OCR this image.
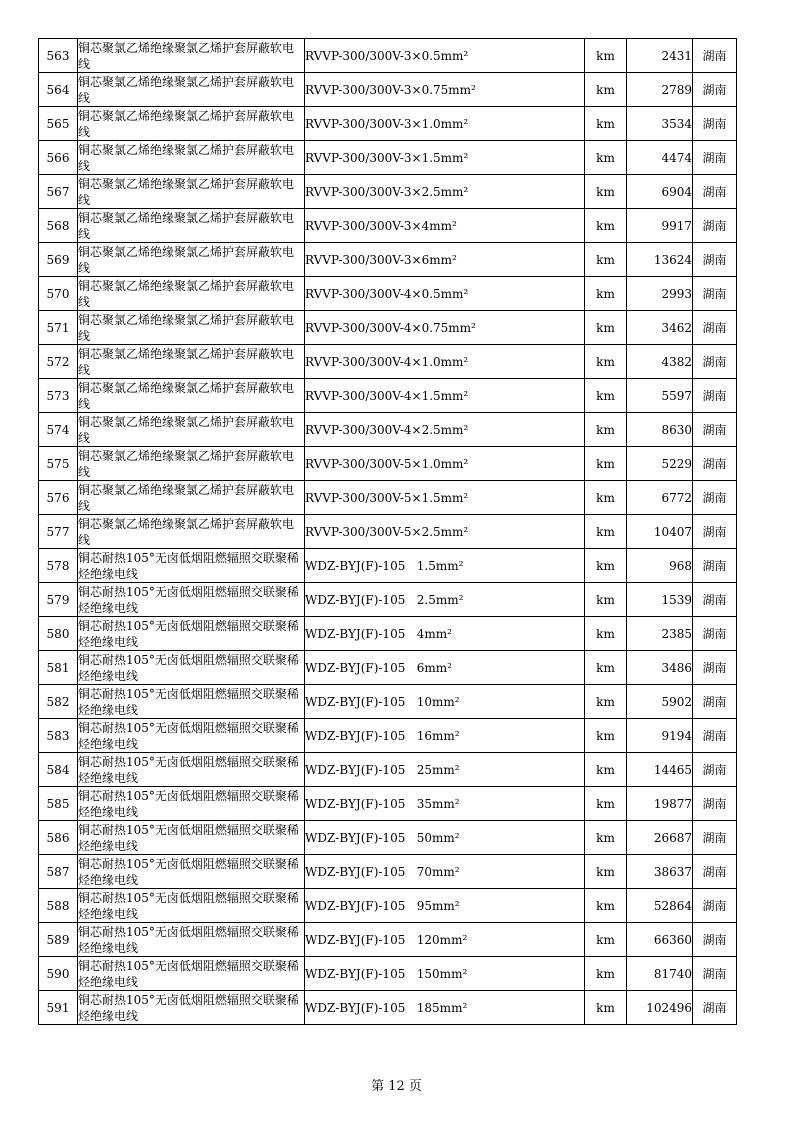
563	铜芯聚氯乙烯绝缘聚氯乙烯护套屏蔽软电线	RVVP-300/300V-3×0.5mm²	km	2431	湖南
564	铜芯聚氯乙烯绝缘聚氯乙烯护套屏蔽软电线	RVVP-300/300V-3×0.75mm²	km	2789	湖南
565	铜芯聚氯乙烯绝缘聚氯乙烯护套屏蔽软电线	RVVP-300/300V-3×1.0mm²	km	3534	湖南
566	铜芯聚氯乙烯绝缘聚氯乙烯护套屏蔽软电线	RVVP-300/300V-3×1.5mm²	km	4474	湖南
567	铜芯聚氯乙烯绝缘聚氯乙烯护套屏蔽软电线	RVVP-300/300V-3×2.5mm²	km	6904	湖南
568	铜芯聚氯乙烯绝缘聚氯乙烯护套屏蔽软电线	RVVP-300/300V-3×4mm²	km	9917	湖南
569	铜芯聚氯乙烯绝缘聚氯乙烯护套屏蔽软电线	RVVP-300/300V-3×6mm²	km	13624	湖南
570	铜芯聚氯乙烯绝缘聚氯乙烯护套屏蔽软电线	RVVP-300/300V-4×0.5mm²	km	2993	湖南
571	铜芯聚氯乙烯绝缘聚氯乙烯护套屏蔽软电线	RVVP-300/300V-4×0.75mm²	km	3462	湖南
572	铜芯聚氯乙烯绝缘聚氯乙烯护套屏蔽软电线	RVVP-300/300V-4×1.0mm²	km	4382	湖南
573	铜芯聚氯乙烯绝缘聚氯乙烯护套屏蔽软电线	RVVP-300/300V-4×1.5mm²	km	5597	湖南
574	铜芯聚氯乙烯绝缘聚氯乙烯护套屏蔽软电线	RVVP-300/300V-4×2.5mm²	km	8630	湖南
575	铜芯聚氯乙烯绝缘聚氯乙烯护套屏蔽软电线	RVVP-300/300V-5×1.0mm²	km	5229	湖南
576	铜芯聚氯乙烯绝缘聚氯乙烯护套屏蔽软电线	RVVP-300/300V-5×1.5mm²	km	6772	湖南
577	铜芯聚氯乙烯绝缘聚氯乙烯护套屏蔽软电线	RVVP-300/300V-5×2.5mm²	km	10407	湖南
578	铜芯耐热105°无卤低烟阻燃辐照交联聚稀烃绝缘电线	WDZ-BYJ(F)-105   1.5mm²	km	968	湖南
579	铜芯耐热105°无卤低烟阻燃辐照交联聚稀烃绝缘电线	WDZ-BYJ(F)-105   2.5mm²	km	1539	湖南
580	铜芯耐热105°无卤低烟阻燃辐照交联聚稀烃绝缘电线	WDZ-BYJ(F)-105   4mm²	km	2385	湖南
581	铜芯耐热105°无卤低烟阻燃辐照交联聚稀烃绝缘电线	WDZ-BYJ(F)-105   6mm²	km	3486	湖南
582	铜芯耐热105°无卤低烟阻燃辐照交联聚稀烃绝缘电线	WDZ-BYJ(F)-105   10mm²	km	5902	湖南
583	铜芯耐热105°无卤低烟阻燃辐照交联聚稀烃绝缘电线	WDZ-BYJ(F)-105   16mm²	km	9194	湖南
584	铜芯耐热105°无卤低烟阻燃辐照交联聚稀烃绝缘电线	WDZ-BYJ(F)-105   25mm²	km	14465	湖南
585	铜芯耐热105°无卤低烟阻燃辐照交联聚稀烃绝缘电线	WDZ-BYJ(F)-105   35mm²	km	19877	湖南
586	铜芯耐热105°无卤低烟阻燃辐照交联聚稀烃绝缘电线	WDZ-BYJ(F)-105   50mm²	km	26687	湖南
587	铜芯耐热105°无卤低烟阻燃辐照交联聚稀烃绝缘电线	WDZ-BYJ(F)-105   70mm²	km	38637	湖南
588	铜芯耐热105°无卤低烟阻燃辐照交联聚稀烃绝缘电线	WDZ-BYJ(F)-105   95mm²	km	52864	湖南
589	铜芯耐热105°无卤低烟阻燃辐照交联聚稀烃绝缘电线	WDZ-BYJ(F)-105   120mm²	km	66360	湖南
590	铜芯耐热105°无卤低烟阻燃辐照交联聚稀烃绝缘电线	WDZ-BYJ(F)-105   150mm²	km	81740	湖南
591	铜芯耐热105°无卤低烟阻燃辐照交联聚稀烃绝缘电线	WDZ-BYJ(F)-105   185mm²	km	102496	湖南
第 12 页
